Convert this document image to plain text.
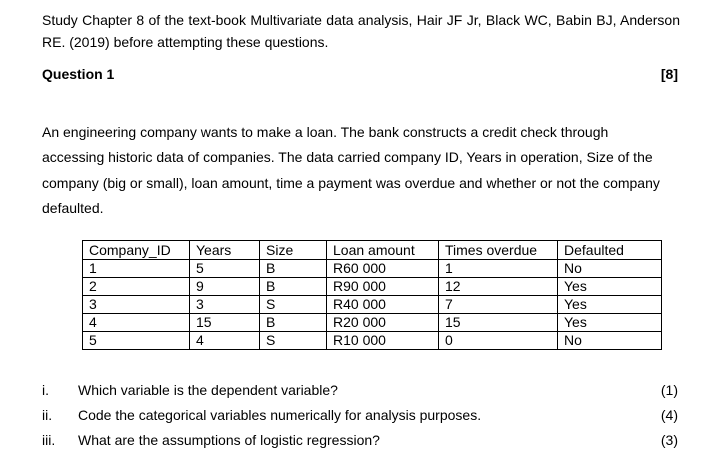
Study Chapter 8 of the text-book Multivariate data analysis, Hair JF Jr, Black WC, Babin BJ, Anderson RE. (2019) before attempting these questions.
Question 1	[8]
An engineering company wants to make a loan. The bank constructs a credit check through accessing historic data of companies. The data carried company ID, Years in operation, Size of the company (big or small), loan amount, time a payment was overdue and whether or not the company defaulted.
Company_ID	Years	Size	Loan amount	Times overdue	Defaulted
1	5	B	R60 000	1	No
2	9	B	R90 000	12	Yes
3	3	S	R40 000	7	Yes
4	15	B	R20 000	15	Yes
5	4	S	R10 000	0	No
i. Which variable is the dependent variable?	(1)
ii. Code the categorical variables numerically for analysis purposes.	(4)
iii. What are the assumptions of logistic regression?	(3)
